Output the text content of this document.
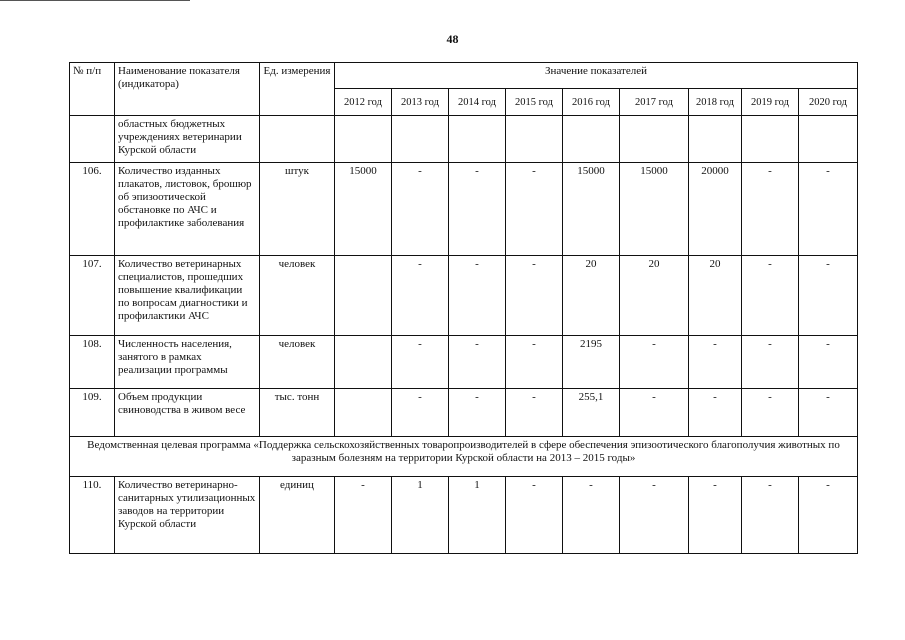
48
№ п/п	Наименование показателя (индикатора)	Ед. измерения	Значение показателей								
			2012 год	2013 год	2014 год	2015 год	2016 год	2017 год	2018 год	2019 год	2020 год
	областных бюджетных учреждениях ветеринарии Курской области										
106.	Количество изданных плакатов, листовок, брошюр об эпизоотической обстановке по АЧС и профилактике заболевания	штук	15000	-	-	-	15000	15000	20000	-	-
107.	Количество ветеринарных специалистов, прошедших повышение квалификации по вопросам диагностики и профилактики АЧС	человек		-	-	-	20	20	20	-	-
108.	Численность населения, занятого в рамках реализации программы	человек		-	-	-	2195	-	-	-	-
109.	Объем продукции свиноводства в живом весе	тыс. тонн		-	-	-	255,1	-	-	-	-
Ведомственная целевая программа «Поддержка сельскохозяйственных товаропроизводителей в сфере обеспечения эпизоотического благополучия животных по заразным болезням на территории Курской области на 2013 – 2015 годы»											
110.	Количество ветеринарно-санитарных утилизационных заводов на территории Курской области	единиц	-	1	1	-	-	-	-	-	-
